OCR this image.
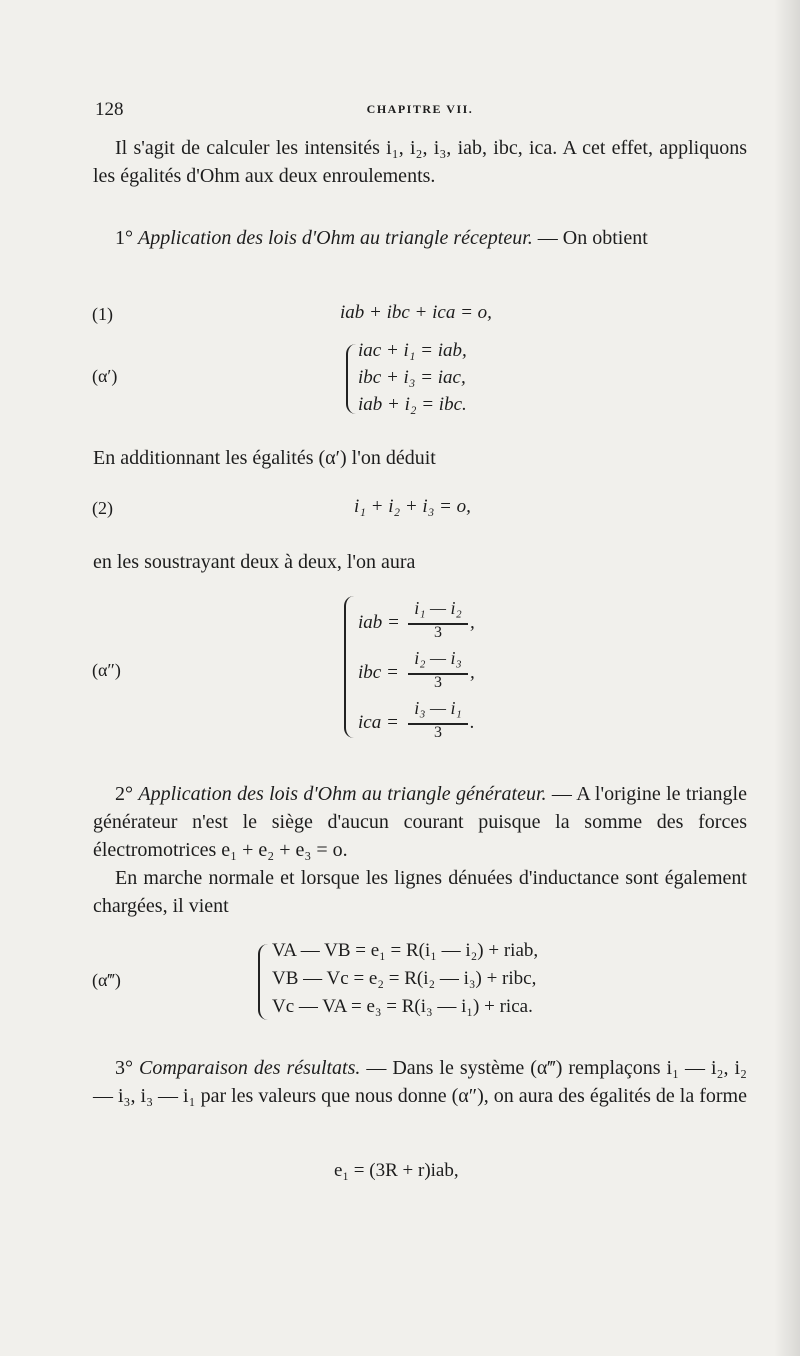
128	CHAPITRE VII.

Il s'agit de calculer les intensités i₁, i₂, i₃, iab, ibc, ica. A cet effet, appliquons les égalités d'Ohm aux deux enroulements.

1° Application des lois d'Ohm au triangle récepteur. — On obtient

(1)	iab + ibc + ica = o,
(α′)
iac + i₁ = iab,
ibc + i₃ = iac,
iab + i₂ = ibc.

En additionnant les égalités (α′) l'on déduit

(2)	i₁ + i₂ + i₃ = o,

en les soustrayant deux à deux, l'on aura

(α″)
iab =
i₁ — i₂
3	,
ibc =
i₂ — i₃
3	,
ica =
i₃ — i₁
3	.

2° Application des lois d'Ohm au triangle générateur. — A l'origine le triangle générateur n'est le siège d'aucun courant puisque la somme des forces électromotrices e₁ + e₂ + e₃ = o.

En marche normale et lorsque les lignes dénuées d'inductance sont également chargées, il vient

(α‴)
VA — VB = e₁ = R(i₁ — i₂) + riab,
VB — Vc = e₂ = R(i₂ — i₃) + ribc,
Vc — VA = e₃ = R(i₃ — i₁) + rica.

3° Comparaison des résultats. — Dans le système (α‴) remplaçons i₁ — i₂, i₂ — i₃, i₃ — i₁ par les valeurs que nous donne (α″), on aura des égalités de la forme

e₁ = (3R + r)iab,
